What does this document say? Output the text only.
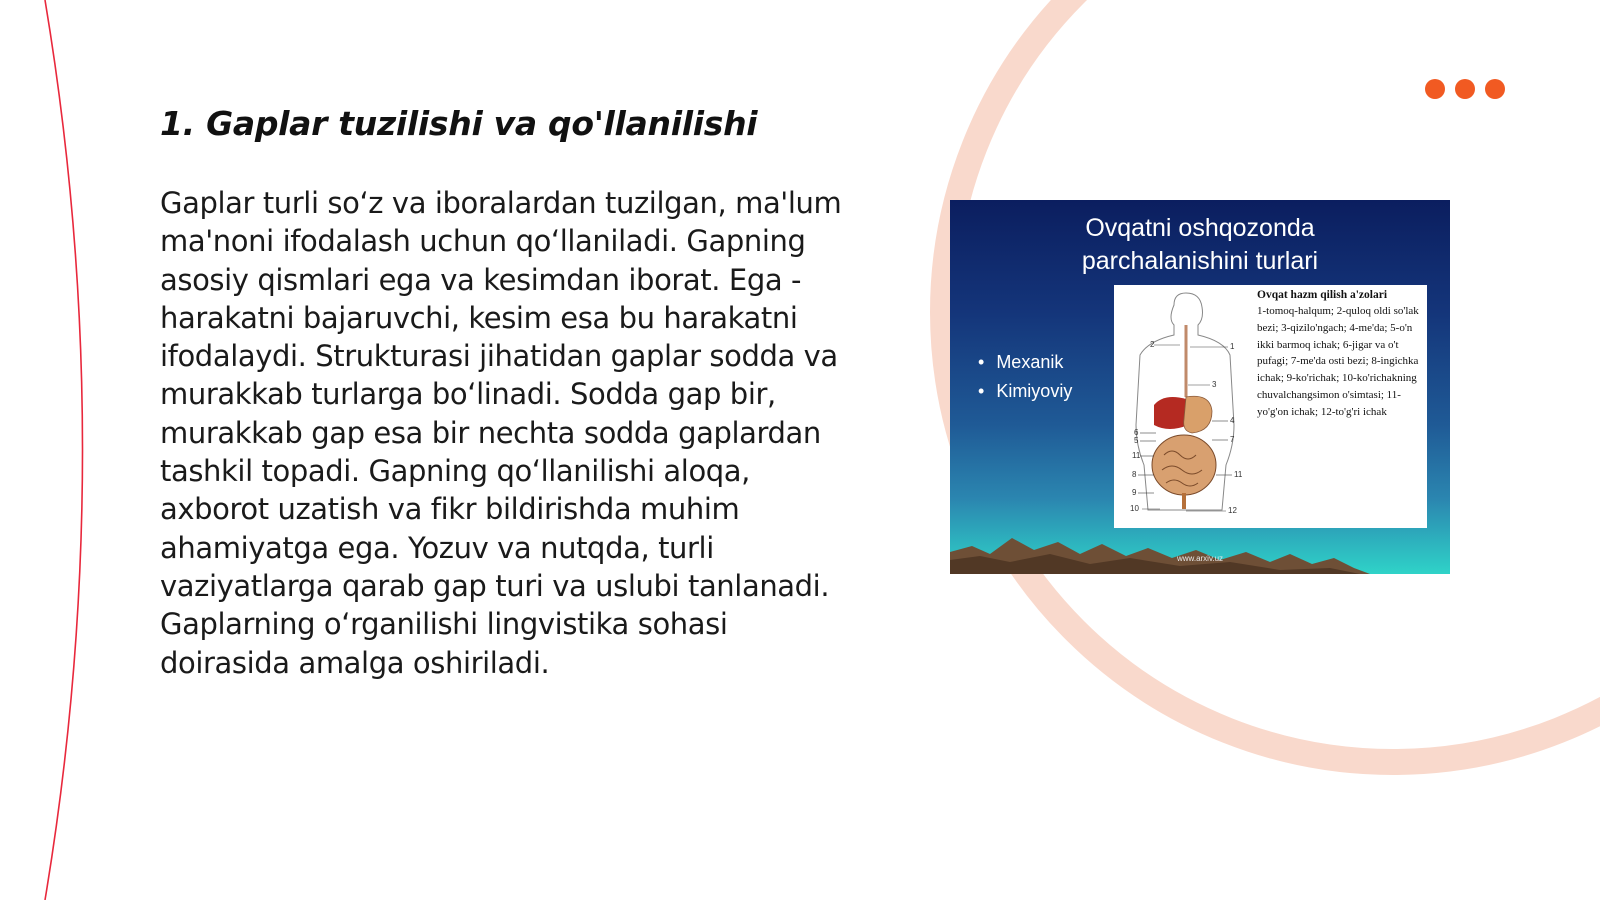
1. Gaplar tuzilishi va qo'llanilishi

Gaplar turli so‘z va iboralardan tuzilgan, ma'lum ma'noni ifodalash uchun qo‘llaniladi. Gapning asosiy qismlari ega va kesimdan iborat. Ega - harakatni bajaruvchi, kesim esa bu harakatni ifodalaydi. Strukturasi jihatidan gaplar sodda va murakkab turlarga bo‘linadi. Sodda gap bir, murakkab gap esa bir nechta sodda gaplardan tashkil topadi. Gapning qo‘llanilishi aloqa, axborot uzatish va fikr bildirishda muhim ahamiyatga ega. Yozuv va nutqda, turli vaziyatlarga qarab gap turi va uslubi tanlanadi. Gaplarning o‘rganilishi lingvistika sohasi doirasida amalga oshiriladi.

Ovqatni oshqozonda
parchalanishini turlari
• Mexanik
• Kimiyoviy
2	1
3
4
6
5	7
11
11
8
9
10	12
Ovqat hazm qilish a'zolari
1-tomoq-halqum; 2-quloq oldi so'lak bezi; 3-qizilo'ngach; 4-me'da; 5-o'n ikki barmoq ichak; 6-jigar va o't pufagi; 7-me'da osti bezi; 8-ingichka ichak; 9-ko'richak; 10-ko'richakning chuvalchangsimon o'simtasi; 11-yo'g'on ichak; 12-to'g'ri ichak
www.arxiv.uz
